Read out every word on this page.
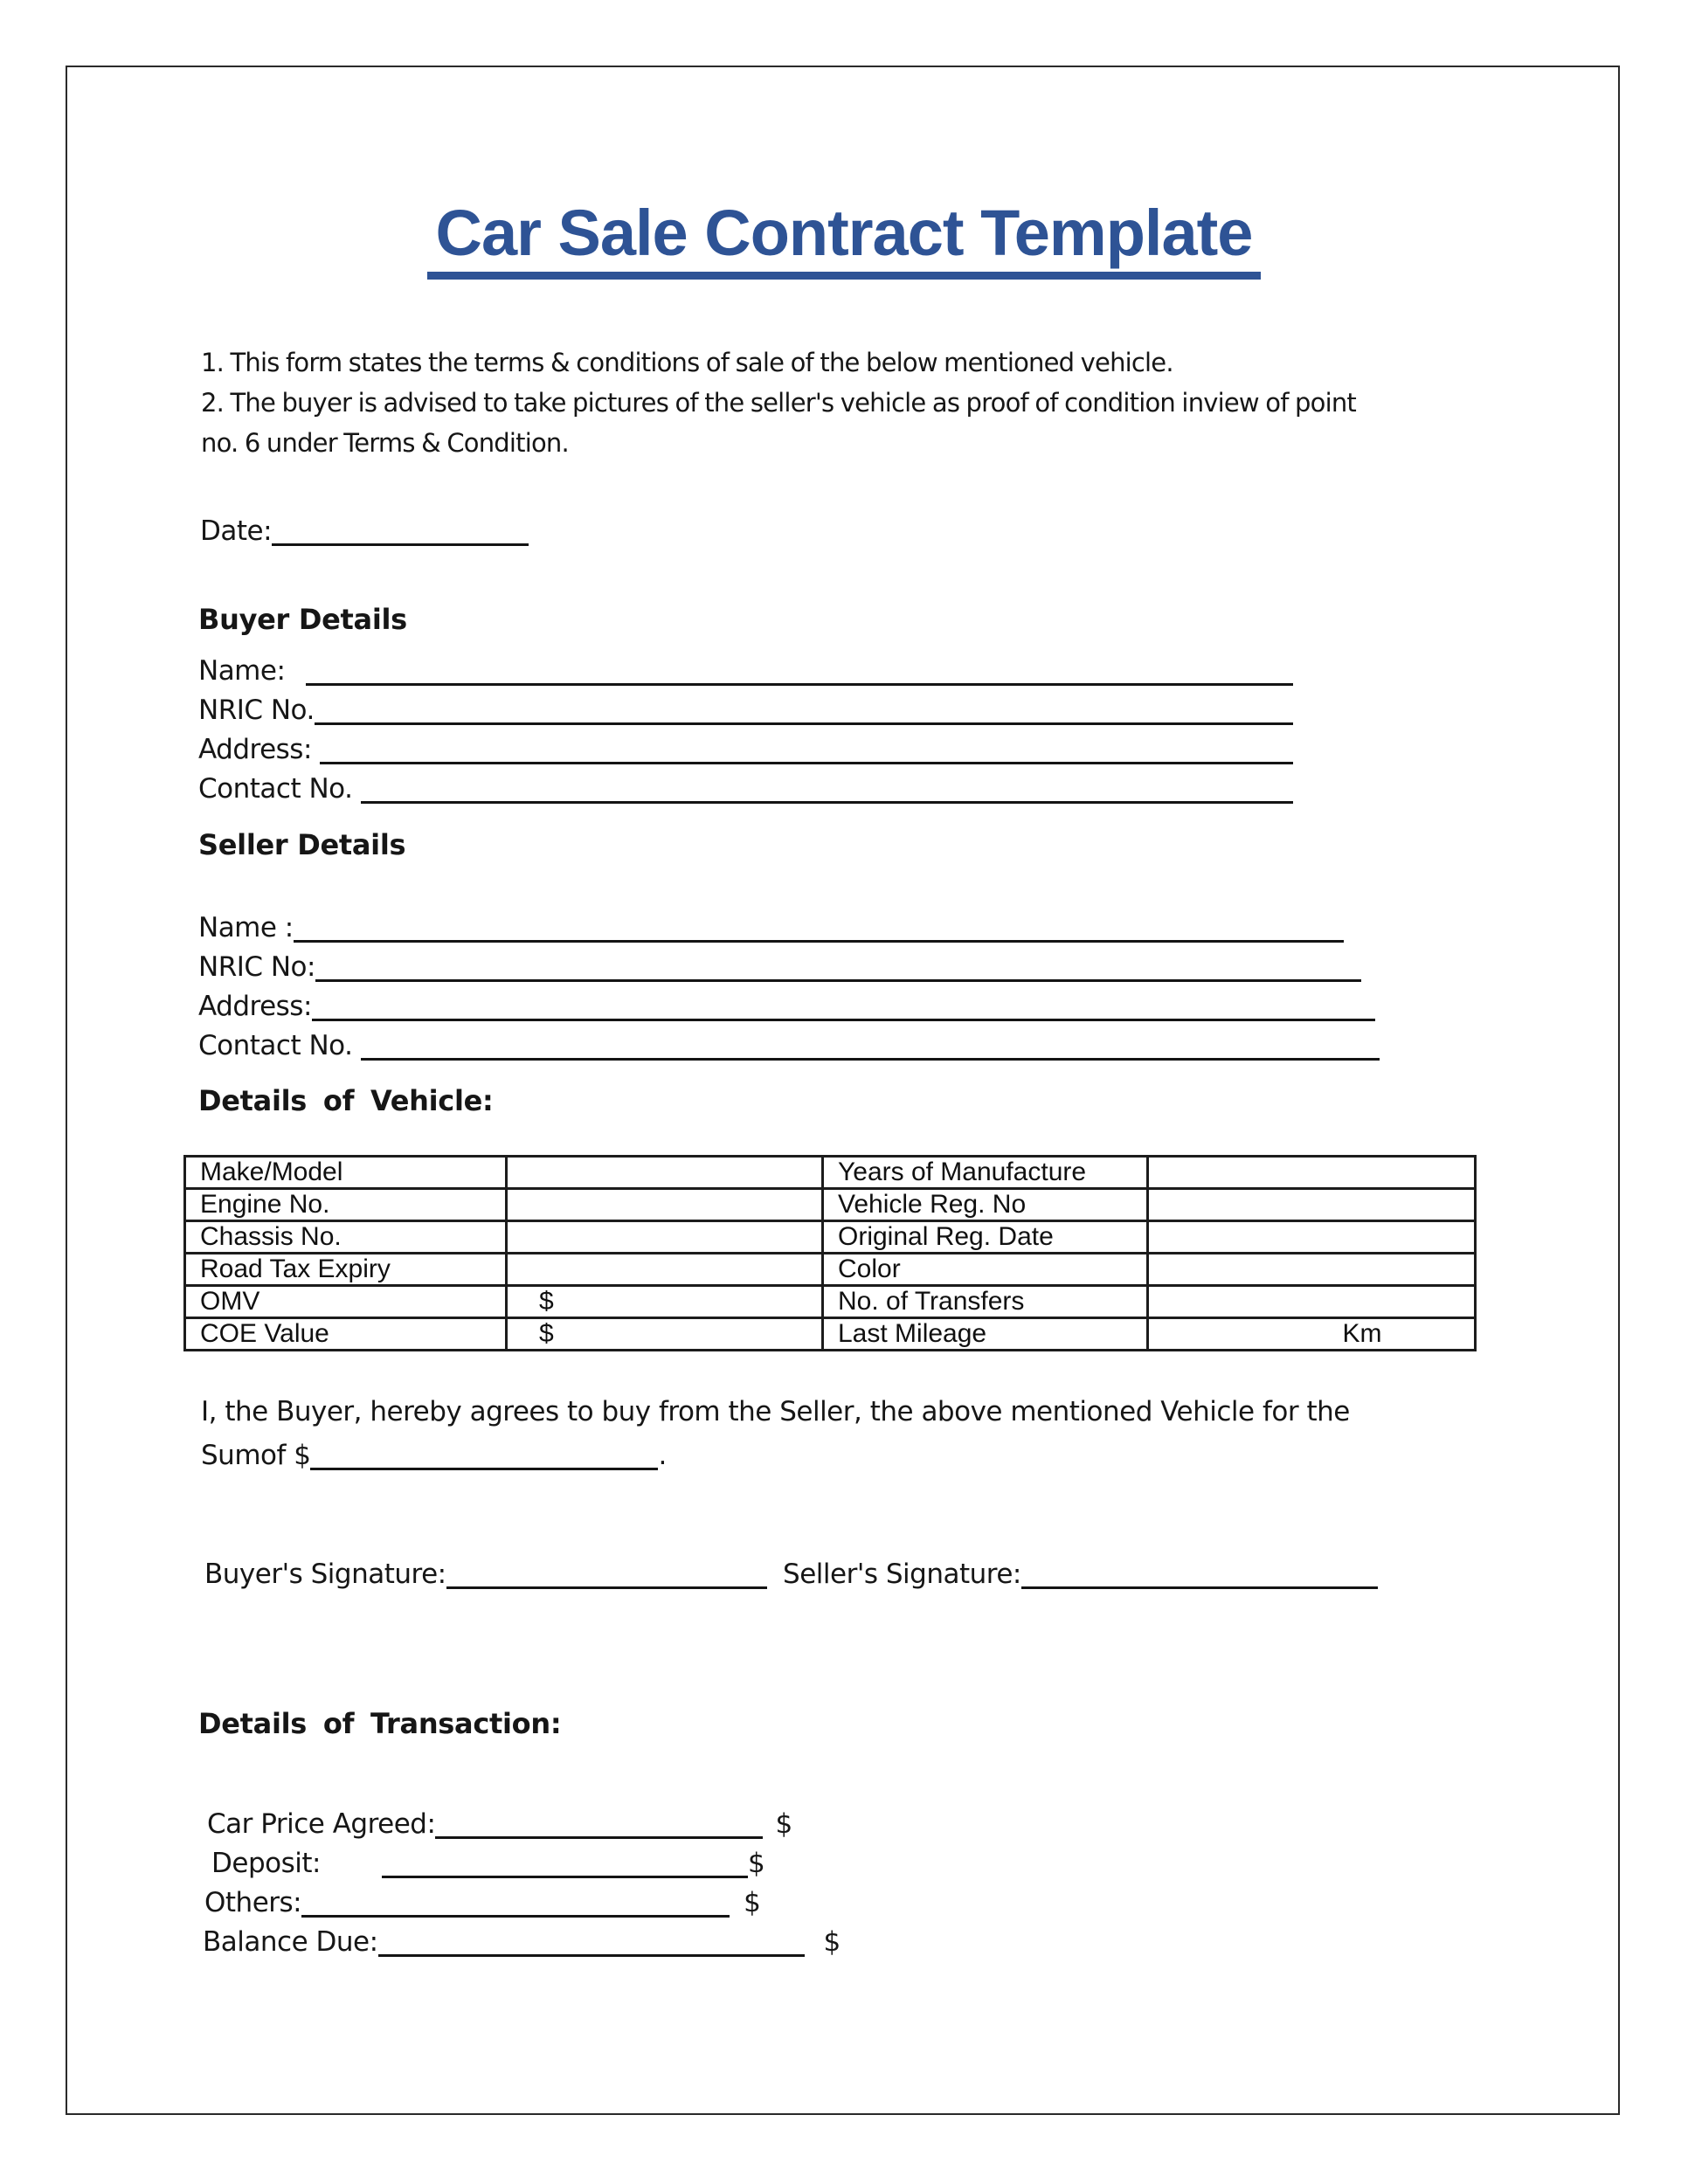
Car Sale Contract Template
1. This form states the terms & conditions of sale of the below mentioned vehicle.
2. The buyer is advised to take pictures of the seller's vehicle as proof of condition inview of point
no. 6 under Terms & Condition.
Date:
Buyer Details
Name:
NRIC No.
Address:
Contact No.
Seller Details
Name :
NRIC No:
Address:
Contact No.
Details of Vehicle:
Make/Model		Years of Manufacture	
Engine No.		Vehicle Reg. No	
Chassis No.		Original Reg. Date	
Road Tax Expiry		Color	
OMV	$	No. of Transfers	
COE Value	$	Last Mileage	Km
I, the Buyer, hereby agrees to buy from the Seller, the above mentioned Vehicle for the
Sumof $	.
Buyer's Signature:	Seller's Signature:
Details of Transaction:
Car Price Agreed:	$
Deposit:	$
Others:	$
Balance Due:	$
